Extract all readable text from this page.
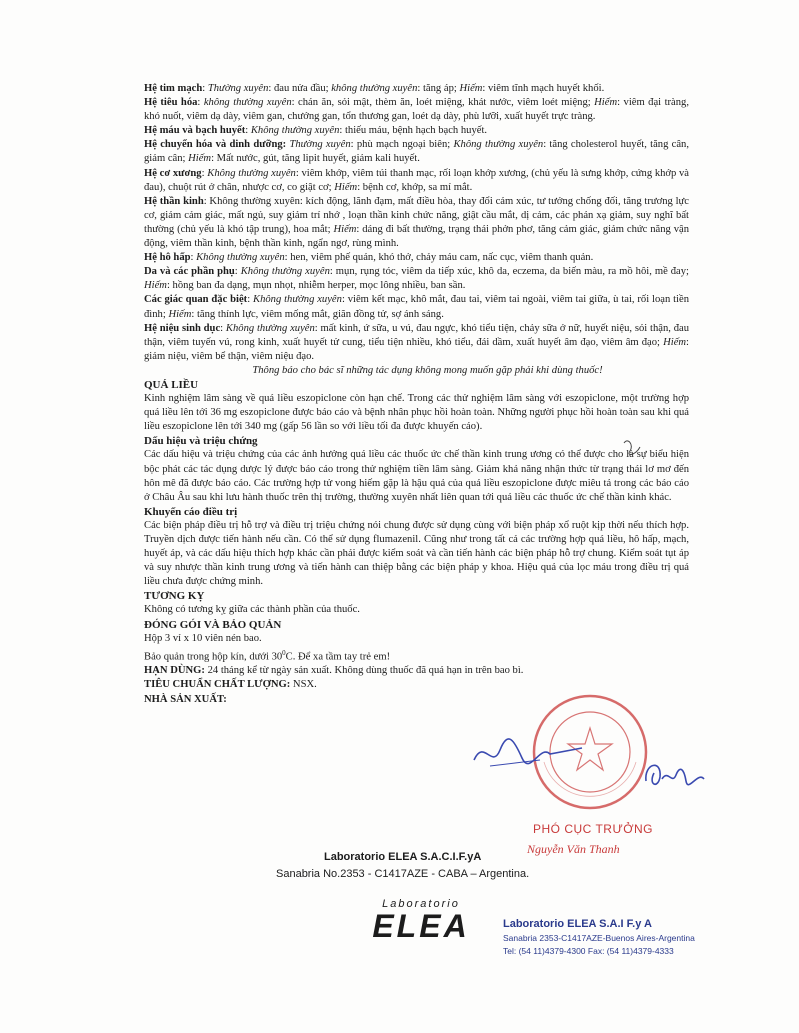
Hệ tim mạch: Thường xuyên: đau nửa đầu; không thường xuyên: tăng áp; Hiếm: viêm tĩnh mạch huyết khối.

Hệ tiêu hóa: không thường xuyên: chán ăn, sỏi mật, thèm ăn, loét miệng, khát nước, viêm loét miệng; Hiếm: viêm đại tràng, khó nuốt, viêm dạ dày, viêm gan, chướng gan, tổn thương gan, loét dạ dày, phù lưỡi, xuất huyết trực tràng.

Hệ máu và bạch huyết: Không thường xuyên: thiếu máu, bệnh hạch bạch huyết.

Hệ chuyển hóa và dinh dưỡng: Thường xuyên: phù mạch ngoại biên; Không thường xuyên: tăng cholesterol huyết, tăng cân, giảm cân; Hiếm: Mất nước, gút, tăng lipit huyết, giảm kali huyết.

Hệ cơ xương: Không thường xuyên: viêm khớp, viêm túi thanh mạc, rối loạn khớp xương, (chủ yếu là sưng khớp, cứng khớp và đau), chuột rút ở chân, nhược cơ, co giật cơ; Hiếm: bệnh cơ, khớp, sa mí mắt.

Hệ thần kinh: Không thường xuyên: kích động, lãnh đạm, mất điều hòa, thay đổi cảm xúc, tư tưởng chống đối, tăng trương lực cơ, giảm cảm giác, mất ngủ, suy giảm trí nhớ , loạn thần kinh chức năng, giật cầu mắt, dị cảm, các phản xạ giảm, suy nghĩ bất thường (chủ yếu là khó tập trung), hoa mắt; Hiếm: dáng đi bất thường, trạng thái phởn phơ, tăng cảm giác, giảm chức năng vận động, viêm thần kinh, bệnh thần kinh, ngẩn ngơ, rùng mình.

Hệ hô hấp: Không thường xuyên: hen, viêm phế quản, khó thở, chảy máu cam, nấc cục, viêm thanh quản.

Da và các phần phụ: Không thường xuyên: mụn, rụng tóc, viêm da tiếp xúc, khô da, eczema, da biến màu, ra mồ hôi, mề đay; Hiếm: hồng ban đa dạng, mụn nhọt, nhiễm herper, mọc lông nhiều, ban sần.

Các giác quan đặc biệt: Không thường xuyên: viêm kết mạc, khô mắt, đau tai, viêm tai ngoài, viêm tai giữa, ù tai, rối loạn tiền đình; Hiếm: tăng thính lực, viêm mống mắt, giãn đồng tử, sợ ánh sáng.

Hệ niệu sinh dục: Không thường xuyên: mất kinh, ứ sữa, u vú, đau ngực, khó tiểu tiện, chảy sữa ở nữ, huyết niệu, sỏi thận, đau thận, viêm tuyến vú, rong kinh, xuất huyết tử cung, tiểu tiện nhiều, khó tiểu, đái dầm, xuất huyết âm đạo, viêm âm đạo; Hiếm: giảm niệu, viêm bể thận, viêm niệu đạo.

Thông báo cho bác sĩ những tác dụng không mong muốn gặp phải khi dùng thuốc!

QUÁ LIỀU

Kinh nghiệm lâm sàng về quá liều eszopiclone còn hạn chế. Trong các thử nghiệm lâm sàng với eszopiclone, một trường hợp quá liều lên tới 36 mg eszopiclone được báo cáo và bệnh nhân phục hồi hoàn toàn. Những người phục hồi hoàn toàn sau khi quá liều eszopiclone lên tới 340 mg (gấp 56 lần so với liều tối đa được khuyến cáo).

Dấu hiệu và triệu chứng

Các dấu hiệu và triệu chứng của các ảnh hưởng quá liều các thuốc ức chế thần kinh trung ương có thể được cho là sự biểu hiện bộc phát các tác dụng dược lý được báo cáo trong thử nghiệm tiền lâm sàng. Giảm khả năng nhận thức từ trạng thái lơ mơ đến hôn mê đã được báo cáo. Các trường hợp tử vong hiếm gặp là hậu quả của quá liều eszopiclone được miêu tả trong các báo cáo ở Châu Âu sau khi lưu hành thuốc trên thị trường, thường xuyên nhất liên quan tới quá liều các thuốc ức chế thần kinh khác.

Khuyến cáo điều trị

Các biện pháp điều trị hỗ trợ và điều trị triệu chứng nói chung được sử dụng cùng với biện pháp xổ ruột kịp thời nếu thích hợp. Truyền dịch được tiến hành nếu cần. Có thể sử dụng flumazenil. Cũng như trong tất cả các trường hợp quá liều, hô hấp, mạch, huyết áp, và các dấu hiệu thích hợp khác cần phải được kiểm soát và cần tiến hành các biện pháp hỗ trợ chung. Kiểm soát tụt áp và suy nhược thần kinh trung ương và tiến hành can thiệp bằng các biện pháp y khoa. Hiệu quả của lọc máu trong điều trị quá liều chưa được chứng minh.

TƯƠNG KỴ

Không có tương kỵ giữa các thành phần của thuốc.

ĐÓNG GÓI VÀ BẢO QUẢN

Hộp 3 vỉ x 10 viên nén bao.

Bảo quản trong hộp kín, dưới $30^0C$. Để xa tầm tay trẻ em!

HẠN DÙNG: 24 tháng kể từ ngày sản xuất. Không dùng thuốc đã quá hạn in trên bao bì.

TIÊU CHUẨN CHẤT LƯỢNG: NSX.

NHÀ SẢN XUẤT:

Laboratorio ELEA S.A.C.I.F.yA
Sanabria No.2353 - C1417AZE - CABA – Argentina.
Laboratorio
ELEA	Laboratorio ELEA S.A.I F.y A
Sanabria 2353-C1417AZE-Buenos Aires-Argentina
Tel: (54 11)4379-4300 Fax: (54 11)4379-4333
PHÓ CỤC TRƯỞNG
Nguyễn Văn Thanh
